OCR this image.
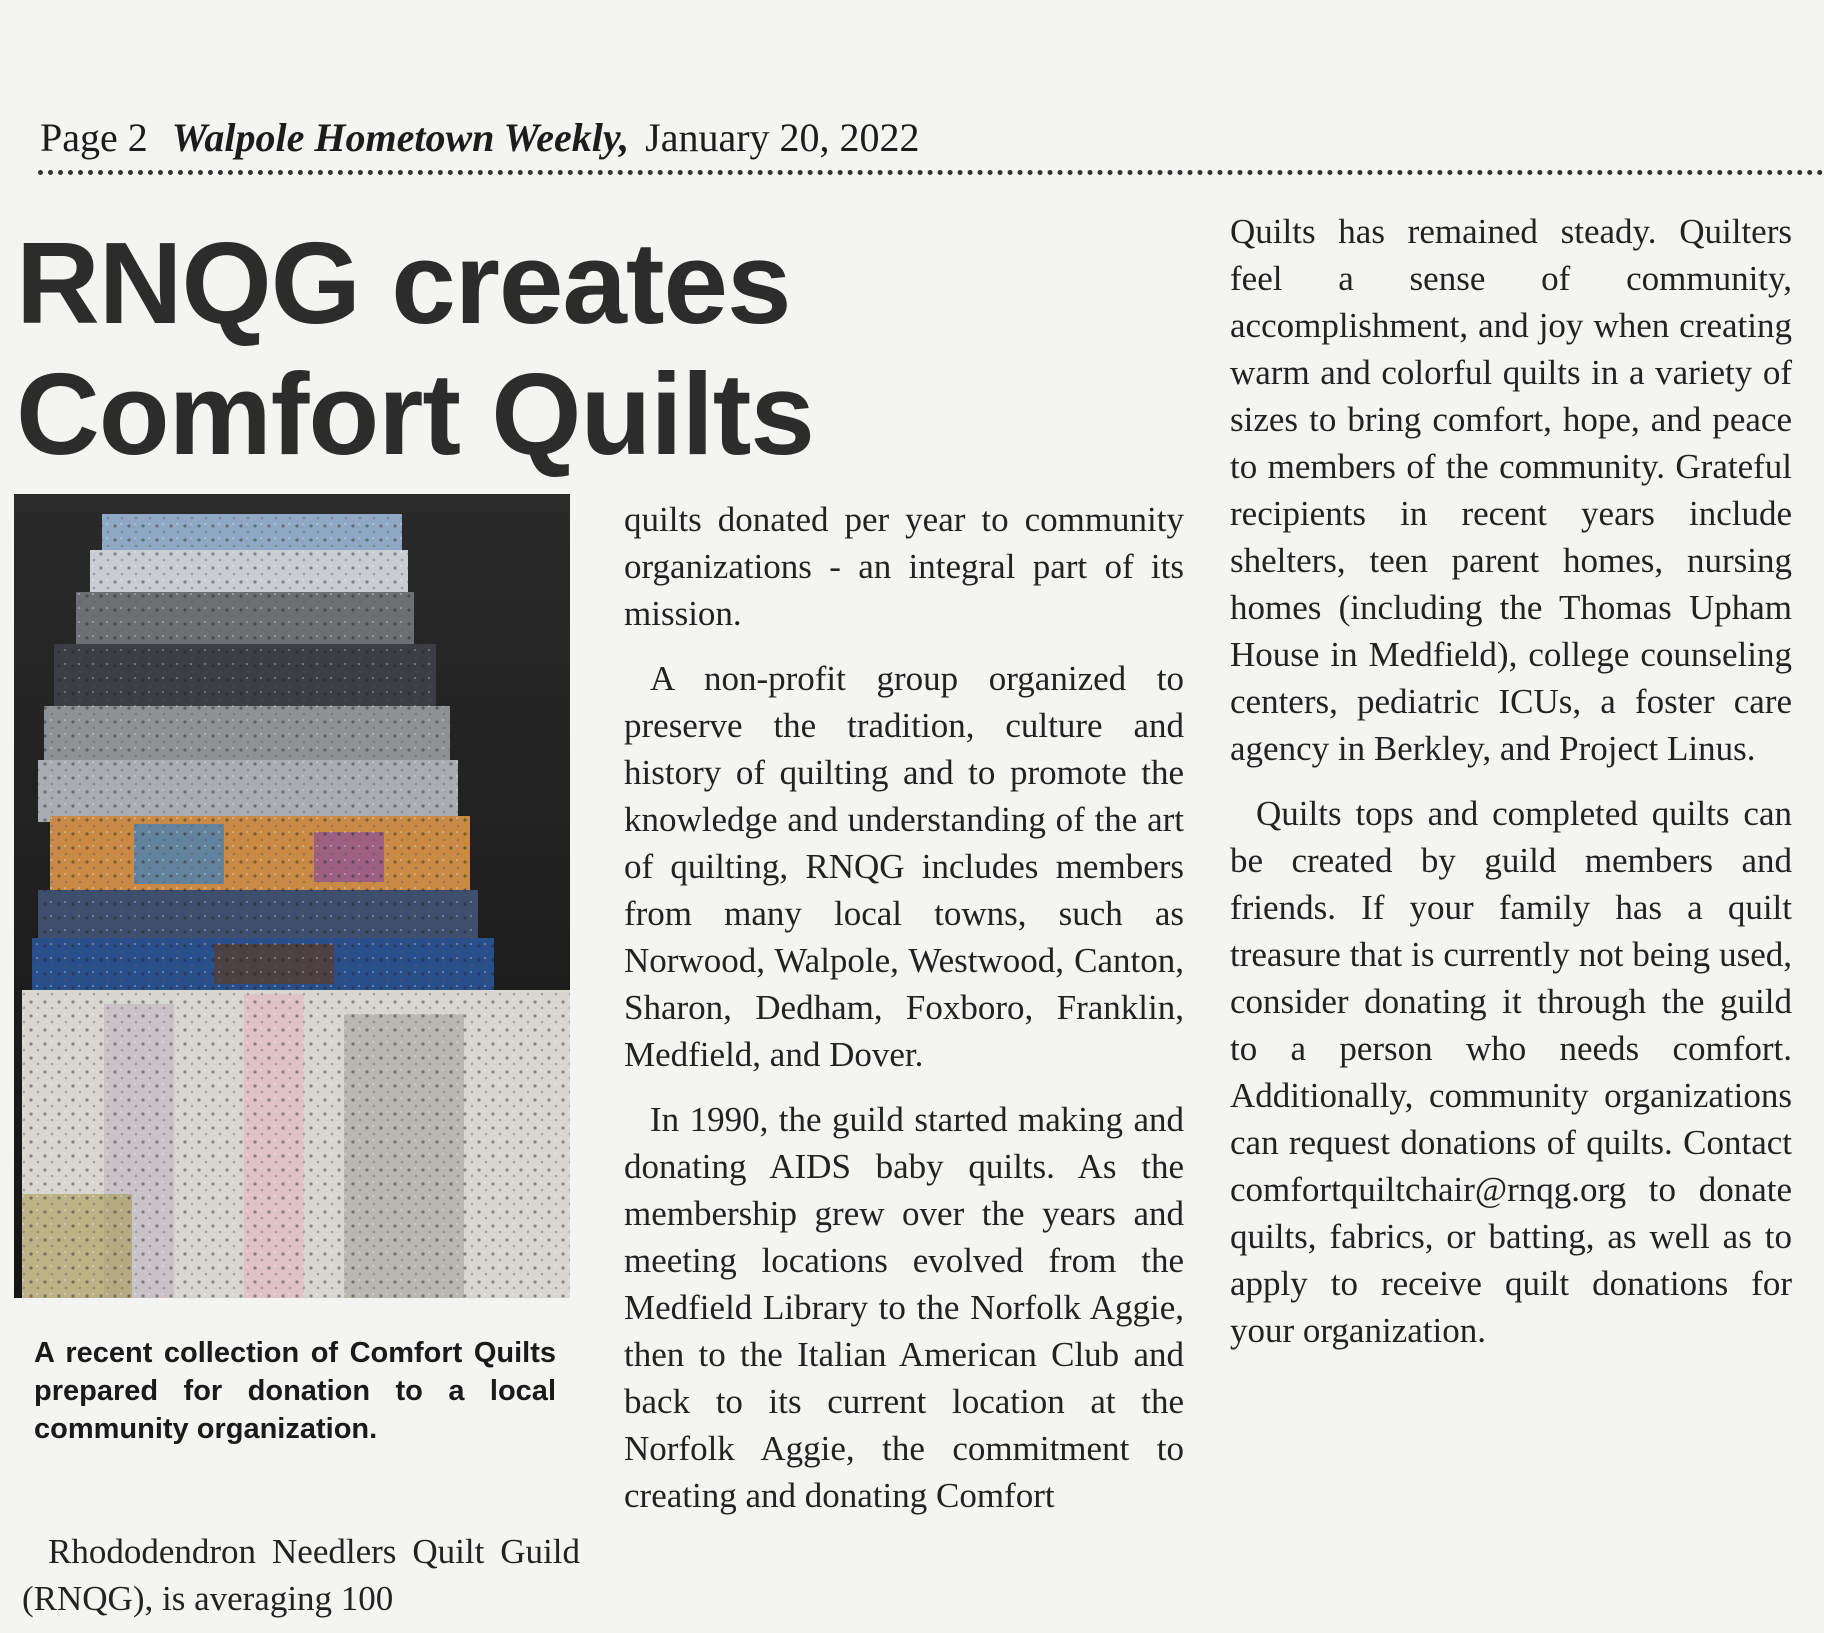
Page 2 Walpole Hometown Weekly, January 20, 2022
RNQG creates
Comfort Quilts
A recent collection of Comfort Quilts prepared for donation to a local community organization.

Rhododendron Needlers Quilt Guild (RNQG), is averaging 100

quilts donated per year to community organizations - an integral part of its mission.

A non-profit group organized to preserve the tradition, culture and history of quilting and to promote the knowledge and understanding of the art of quilting, RNQG includes members from many local towns, such as Norwood, Walpole, Westwood, Canton, Sharon, Dedham, Foxboro, Franklin, Medfield, and Dover.

In 1990, the guild started making and donating AIDS baby quilts. As the membership grew over the years and meeting locations evolved from the Medfield Library to the Norfolk Aggie, then to the Italian American Club and back to its current location at the Norfolk Aggie, the commitment to creating and donating Comfort

Quilts has remained steady. Quilters feel a sense of community, accomplishment, and joy when creating warm and colorful quilts in a variety of sizes to bring comfort, hope, and peace to members of the community. Grateful recipients in recent years include shelters, teen parent homes, nursing homes (including the Thomas Upham House in Medfield), college counseling centers, pediatric ICUs, a foster care agency in Berkley, and Project Linus.

Quilts tops and completed quilts can be created by guild members and friends. If your family has a quilt treasure that is currently not being used, consider donating it through the guild to a person who needs comfort. Additionally, community organizations can request donations of quilts. Contact comfortquiltchair@rnqg.org to donate quilts, fabrics, or batting, as well as to apply to receive quilt donations for your organization.
